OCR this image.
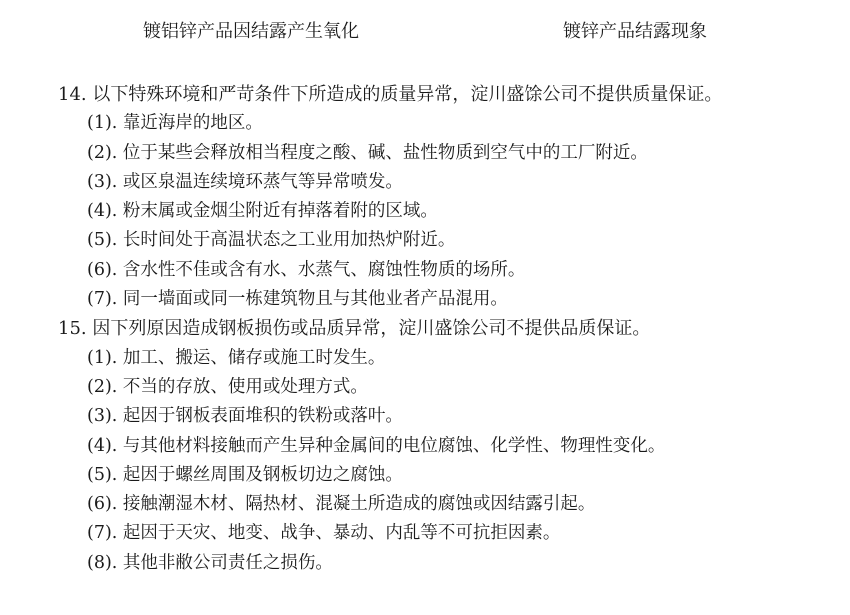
镀铝锌产品因结露产生氧化	镀锌产品结露现象
14. 以下特殊环境和严苛条件下所造成的质量异常，淀川盛馀公司不提供质量保证。
(1). 靠近海岸的地区。
(2). 位于某些会释放相当程度之酸、碱、盐性物质到空气中的工厂附近。
(3). 或区泉温连续境环蒸气等异常喷发。
(4). 粉末属或金烟尘附近有掉落着附的区域。
(5). 长时间处于高温状态之工业用加热炉附近。
(6). 含水性不佳或含有水、水蒸气、腐蚀性物质的场所。
(7). 同一墙面或同一栋建筑物且与其他业者产品混用。
15. 因下列原因造成钢板损伤或品质异常，淀川盛馀公司不提供品质保证。
(1). 加工、搬运、储存或施工时发生。
(2). 不当的存放、使用或处理方式。
(3). 起因于钢板表面堆积的铁粉或落叶。
(4). 与其他材料接触而产生异种金属间的电位腐蚀、化学性、物理性变化。
(5). 起因于螺丝周围及钢板切边之腐蚀。
(6). 接触潮湿木材、隔热材、混凝土所造成的腐蚀或因结露引起。
(7). 起因于天灾、地变、战争、暴动、内乱等不可抗拒因素。
(8). 其他非敝公司责任之损伤。
